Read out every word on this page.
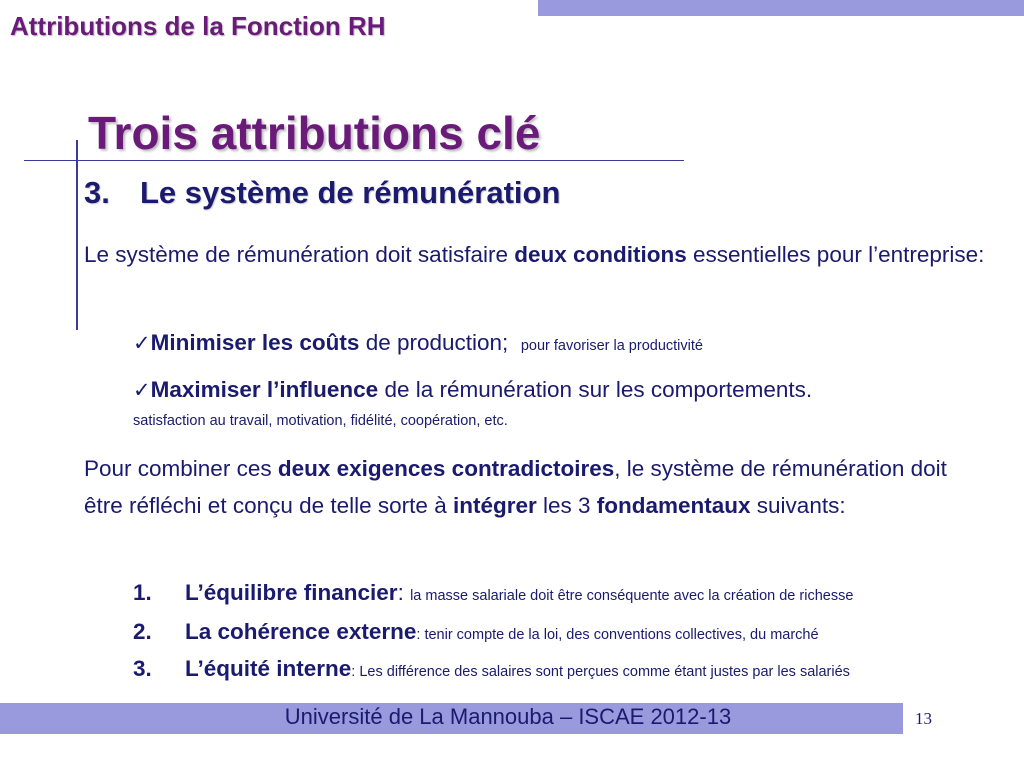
Attributions de la Fonction RH
Trois attributions clé
3. Le système de rémunération
Le système de rémunération doit satisfaire deux conditions essentielles pour l’entreprise:
✓Minimiser les coûts de production; pour favoriser la productivité
✓Maximiser l’influence de la rémunération sur les comportements.
satisfaction au travail, motivation, fidélité, coopération, etc.
Pour combiner ces deux exigences contradictoires, le système de rémunération doit être réfléchi et conçu de telle sorte à intégrer les 3 fondamentaux suivants:
1. L’équilibre financier: la masse salariale doit être conséquente avec la création de richesse
2. La cohérence externe: tenir compte de la loi, des conventions collectives, du marché
3. L’équité interne: Les différence des salaires sont perçues comme étant justes par les salariés
Université de La Mannouba – ISCAE 2012-13	13
